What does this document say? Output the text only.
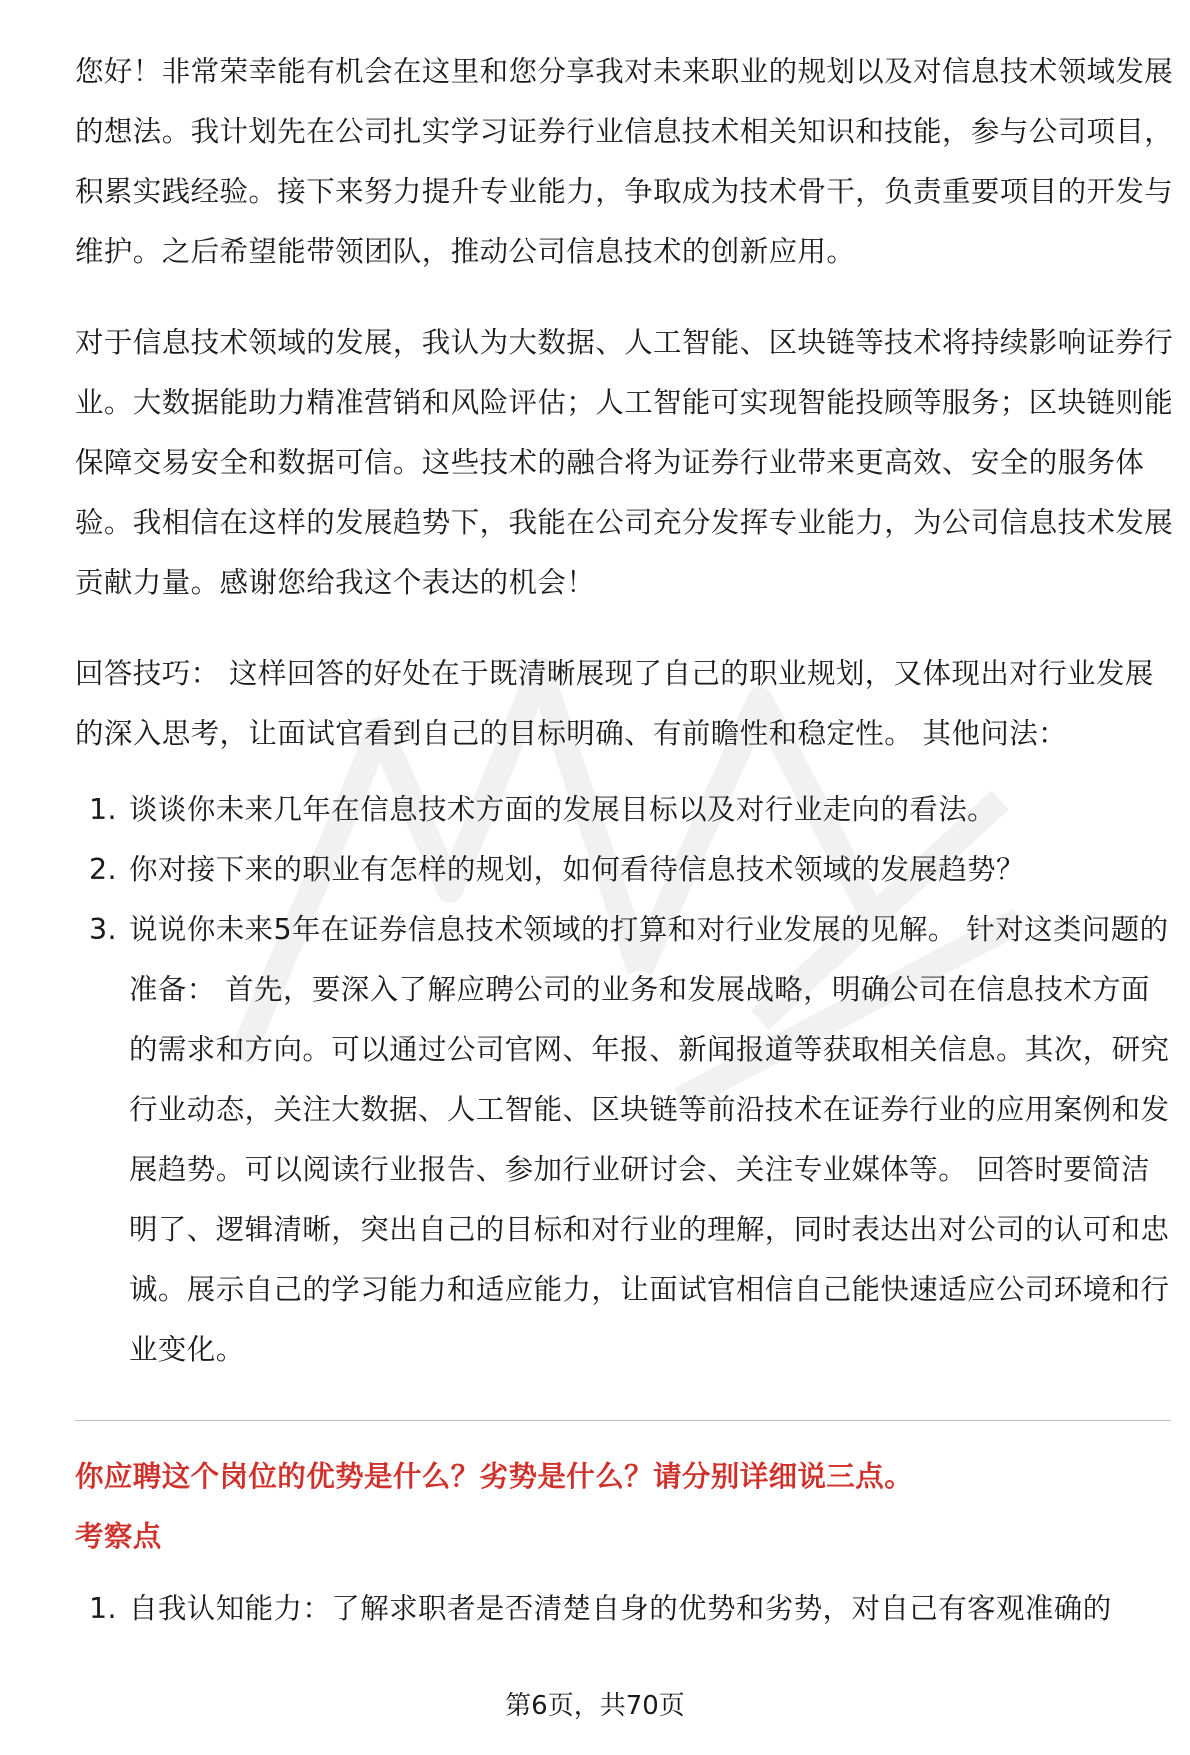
您好！非常荣幸能有机会在这里和您分享我对未来职业的规划以及对信息技术领域发展的想法。我计划先在公司扎实学习证券行业信息技术相关知识和技能，参与公司项目，积累实践经验。接下来努力提升专业能力，争取成为技术骨干，负责重要项目的开发与维护。之后希望能带领团队，推动公司信息技术的创新应用。

对于信息技术领域的发展，我认为大数据、人工智能、区块链等技术将持续影响证券行业。大数据能助力精准营销和风险评估；人工智能可实现智能投顾等服务；区块链则能保障交易安全和数据可信。这些技术的融合将为证券行业带来更高效、安全的服务体验。我相信在这样的发展趋势下，我能在公司充分发挥专业能力，为公司信息技术发展贡献力量。感谢您给我这个表达的机会！

回答技巧： 这样回答的好处在于既清晰展现了自己的职业规划，又体现出对行业发展的深入思考，让面试官看到自己的目标明确、有前瞻性和稳定性。 其他问法：

1. 谈谈你未来几年在信息技术方面的发展目标以及对行业走向的看法。
2. 你对接下来的职业有怎样的规划，如何看待信息技术领域的发展趋势？
3. 说说你未来5年在证券信息技术领域的打算和对行业发展的见解。 针对这类问题的准备： 首先，要深入了解应聘公司的业务和发展战略，明确公司在信息技术方面的需求和方向。可以通过公司官网、年报、新闻报道等获取相关信息。其次，研究行业动态，关注大数据、人工智能、区块链等前沿技术在证券行业的应用案例和发展趋势。可以阅读行业报告、参加行业研讨会、关注专业媒体等。 回答时要简洁明了、逻辑清晰，突出自己的目标和对行业的理解，同时表达出对公司的认可和忠诚。展示自己的学习能力和适应能力，让面试官相信自己能快速适应公司环境和行业变化。
你应聘这个岗位的优势是什么？劣势是什么？请分别详细说三点。
考察点
1. 自我认知能力：了解求职者是否清楚自身的优势和劣势，对自己有客观准确的
第6页，共70页
